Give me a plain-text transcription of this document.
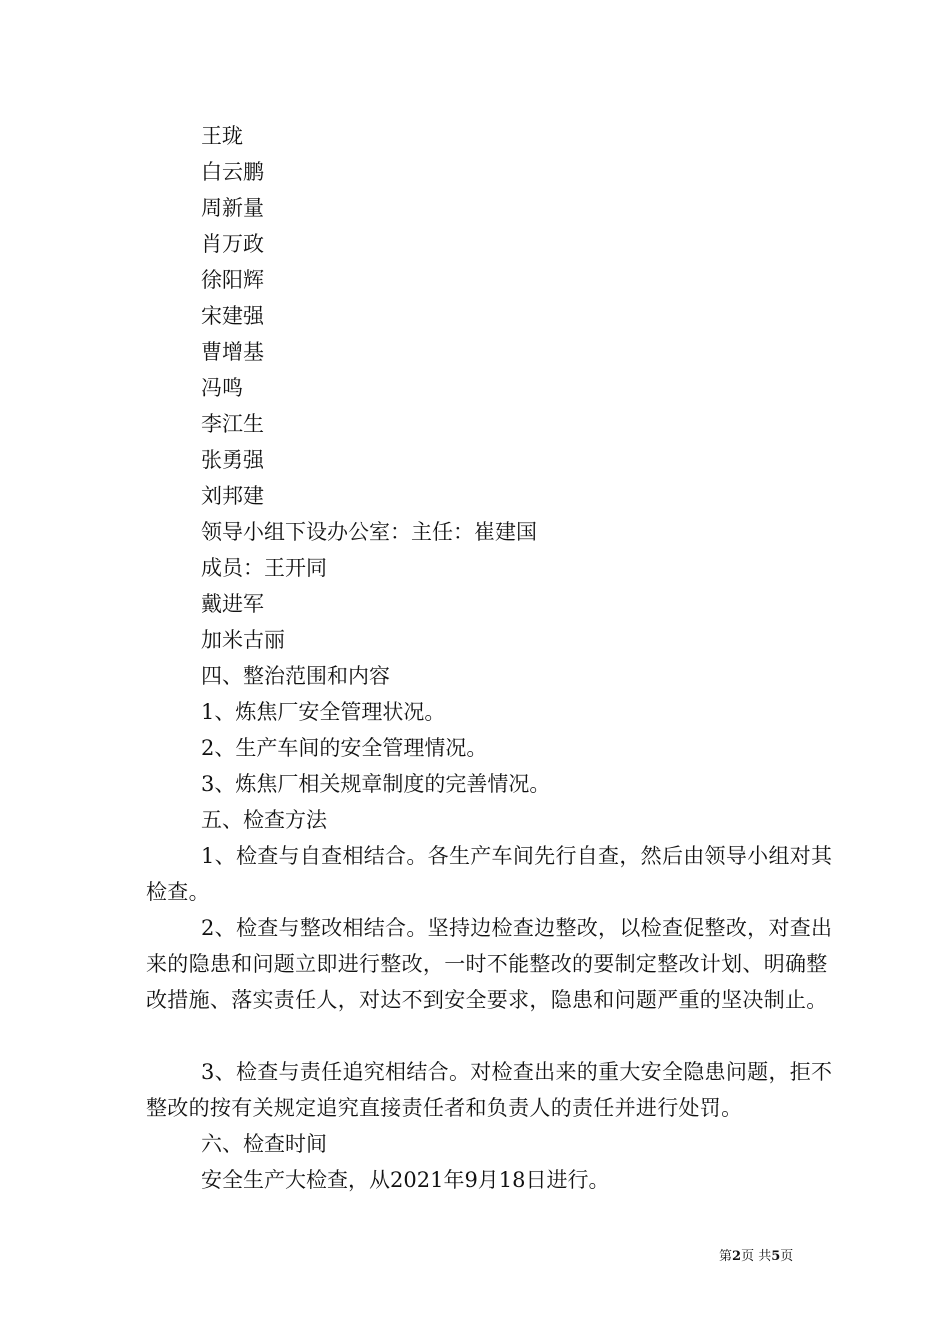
王珑
白云鹏
周新量
肖万政
徐阳辉
宋建强
曹增基
冯鸣
李江生
张勇强
刘邦建
领导小组下设办公室：主任：崔建国
成员：王开同
戴进军
加米古丽
四、整治范围和内容
1、炼焦厂安全管理状况。
2、生产车间的安全管理情况。
3、炼焦厂相关规章制度的完善情况。
五、检查方法
1、检查与自查相结合。各生产车间先行自查，然后由领导小组对其检查。
2、检查与整改相结合。坚持边检查边整改，以检查促整改，对查出来的隐患和问题立即进行整改，一时不能整改的要制定整改计划、明确整改措施、落实责任人，对达不到安全要求，隐患和问题严重的坚决制止。
3、检查与责任追究相结合。对检查出来的重大安全隐患问题，拒不整改的按有关规定追究直接责任者和负责人的责任并进行处罚。
六、检查时间
安全生产大检查，从2021年9月18日进行。
第2页 共5页
